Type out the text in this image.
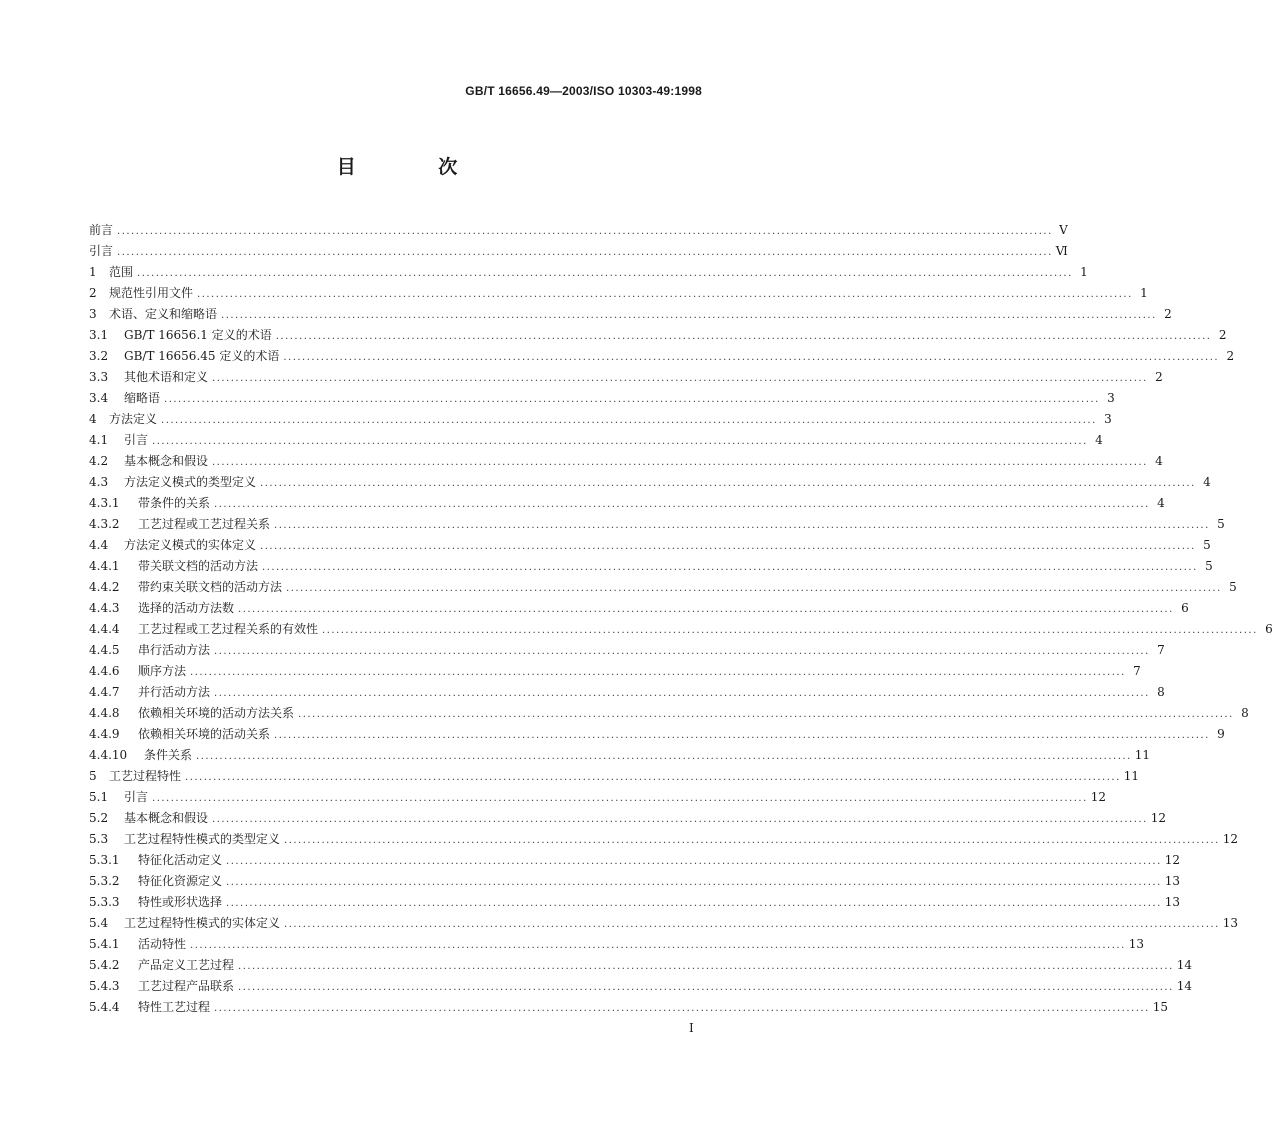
GB/T 16656.49—2003/ISO 10303-49:1998
目 次
前言 ........................................................................................................................................................................................................ Ⅴ
引言 ........................................................................................................................................................................................................ Ⅵ
1	范围 ........................................................................................................................................................................................................ 1
2	规范性引用文件 ........................................................................................................................................................................................................ 1
3	术语、定义和缩略语 ........................................................................................................................................................................................................ 2
3.1	GB/T 16656.1 定义的术语 ........................................................................................................................................................................................................ 2
3.2	GB/T 16656.45 定义的术语 ........................................................................................................................................................................................................ 2
3.3	其他术语和定义 ........................................................................................................................................................................................................ 2
3.4	缩略语 ........................................................................................................................................................................................................ 3
4	方法定义 ........................................................................................................................................................................................................ 3
4.1	引言 ........................................................................................................................................................................................................ 4
4.2	基本概念和假设 ........................................................................................................................................................................................................ 4
4.3	方法定义模式的类型定义 ........................................................................................................................................................................................................ 4
4.3.1	带条件的关系 ........................................................................................................................................................................................................ 4
4.3.2	工艺过程或工艺过程关系 ........................................................................................................................................................................................................ 5
4.4	方法定义模式的实体定义 ........................................................................................................................................................................................................ 5
4.4.1	带关联文档的活动方法 ........................................................................................................................................................................................................ 5
4.4.2	带约束关联文档的活动方法 ........................................................................................................................................................................................................ 5
4.4.3	选择的活动方法数 ........................................................................................................................................................................................................ 6
4.4.4	工艺过程或工艺过程关系的有效性 ........................................................................................................................................................................................................ 6
4.4.5	串行活动方法 ........................................................................................................................................................................................................ 7
4.4.6	顺序方法 ........................................................................................................................................................................................................ 7
4.4.7	并行活动方法 ........................................................................................................................................................................................................ 8
4.4.8	依赖相关环境的活动方法关系 ........................................................................................................................................................................................................ 8
4.4.9	依赖相关环境的活动关系 ........................................................................................................................................................................................................ 9
4.4.10	条件关系 ........................................................................................................................................................................................................ 11
5	工艺过程特性 ........................................................................................................................................................................................................ 11
5.1	引言 ........................................................................................................................................................................................................ 12
5.2	基本概念和假设 ........................................................................................................................................................................................................ 12
5.3	工艺过程特性模式的类型定义 ........................................................................................................................................................................................................ 12
5.3.1	特征化活动定义 ........................................................................................................................................................................................................ 12
5.3.2	特征化资源定义 ........................................................................................................................................................................................................ 13
5.3.3	特性或形状选择 ........................................................................................................................................................................................................ 13
5.4	工艺过程特性模式的实体定义 ........................................................................................................................................................................................................ 13
5.4.1	活动特性 ........................................................................................................................................................................................................ 13
5.4.2	产品定义工艺过程 ........................................................................................................................................................................................................ 14
5.4.3	工艺过程产品联系 ........................................................................................................................................................................................................ 14
5.4.4	特性工艺过程 ........................................................................................................................................................................................................ 15
Ⅰ
